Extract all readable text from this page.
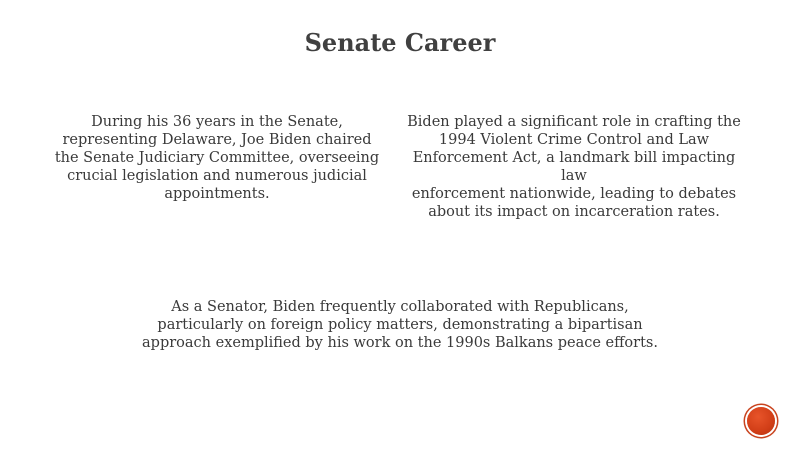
Senate Career
During his 36 years in the Senate,
representing Delaware, Joe Biden chaired
the Senate Judiciary Committee, overseeing
crucial legislation and numerous judicial
appointments.
Biden played a significant role in crafting the
1994 Violent Crime Control and Law
Enforcement Act, a landmark bill impacting law
enforcement nationwide, leading to debates
about its impact on incarceration rates.
As a Senator, Biden frequently collaborated with Republicans,
particularly on foreign policy matters, demonstrating a bipartisan
approach exemplified by his work on the 1990s Balkans peace efforts.
